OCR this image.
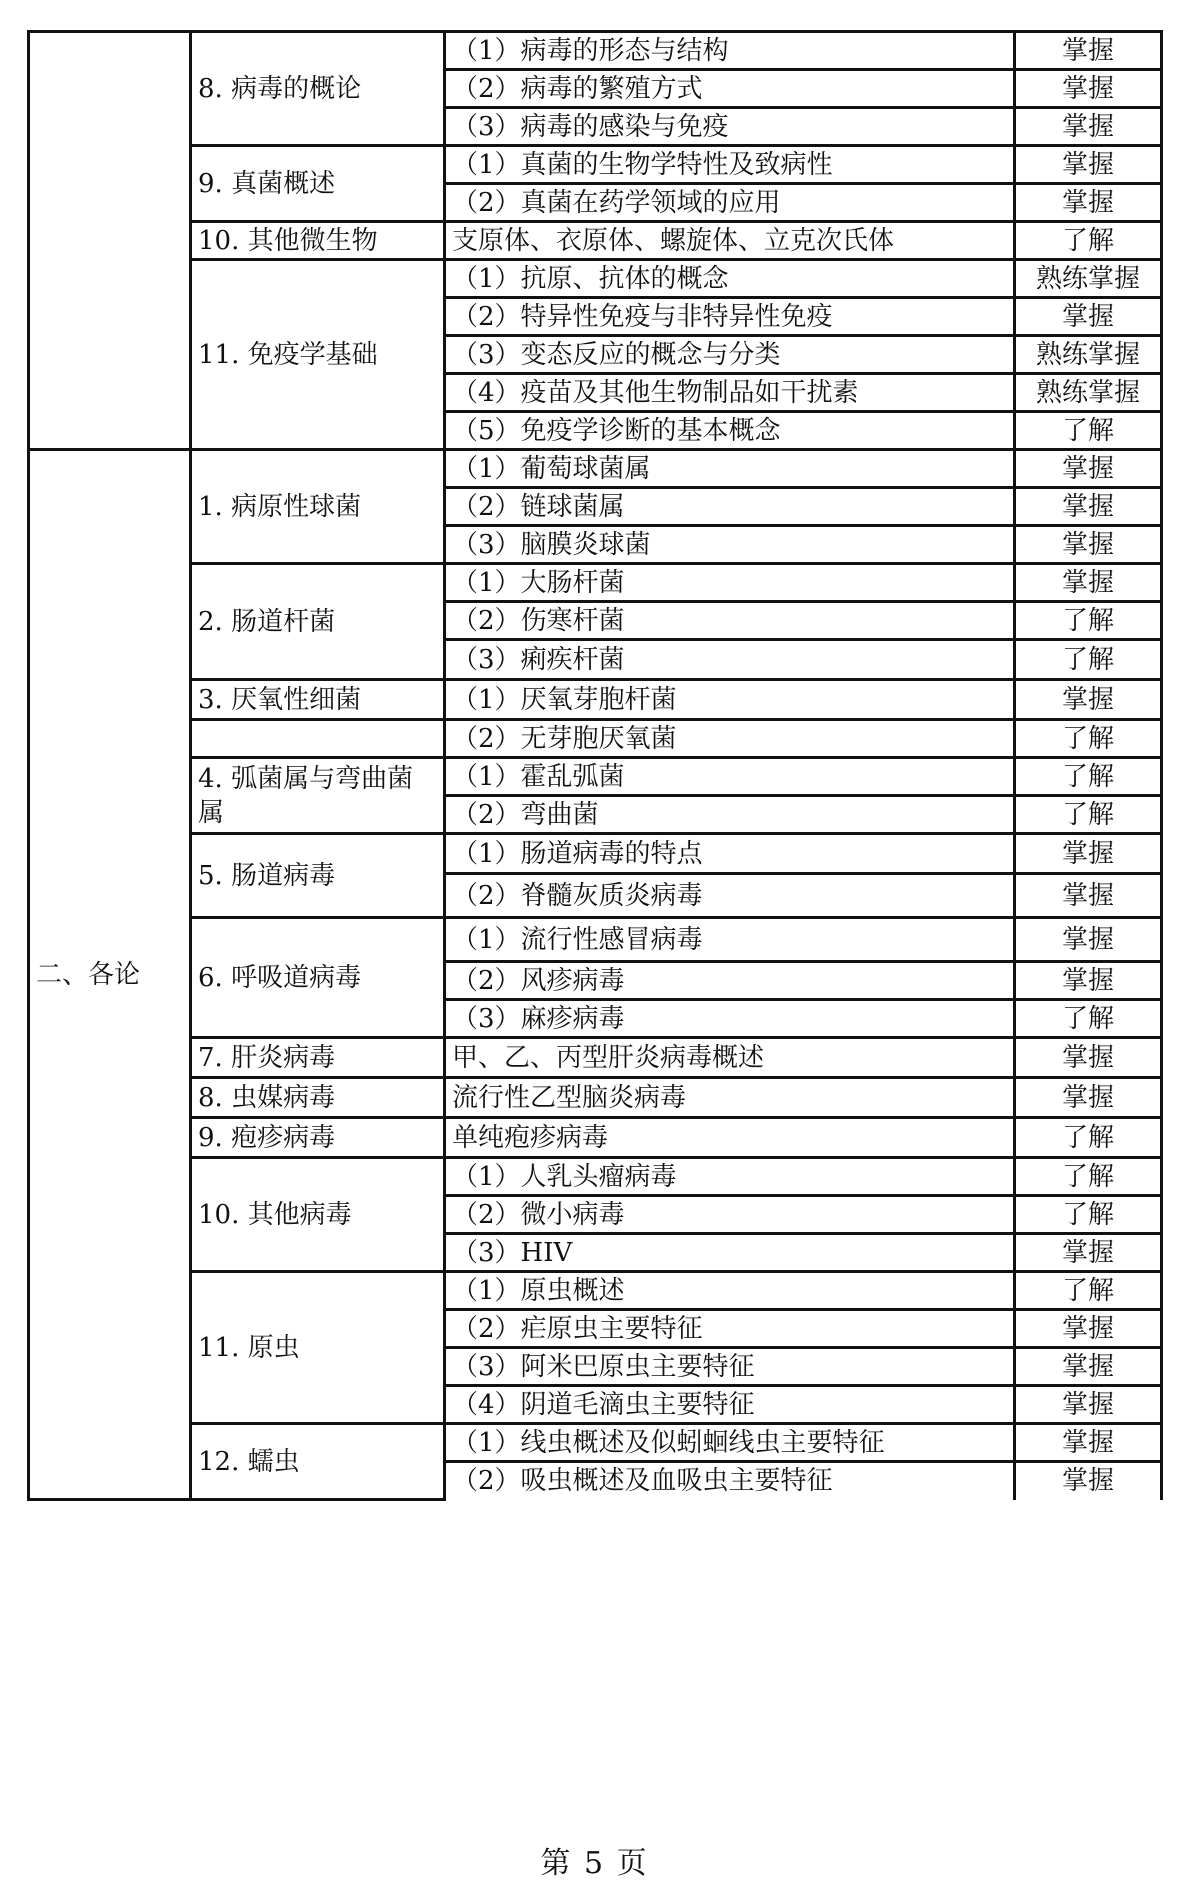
	8. 病毒的概论	（1）病毒的形态与结构	掌握
		（2）病毒的繁殖方式	掌握
		（3）病毒的感染与免疫	掌握
	9. 真菌概述	（1）真菌的生物学特性及致病性	掌握
		（2）真菌在药学领域的应用	掌握
	10. 其他微生物	支原体、衣原体、螺旋体、立克次氏体	了解
	11. 免疫学基础	（1）抗原、抗体的概念	熟练掌握
		（2）特异性免疫与非特异性免疫	掌握
		（3）变态反应的概念与分类	熟练掌握
		（4）疫苗及其他生物制品如干扰素	熟练掌握
		（5）免疫学诊断的基本概念	了解
二、各论	1. 病原性球菌	（1）葡萄球菌属	掌握
		（2）链球菌属	掌握
		（3）脑膜炎球菌	掌握
	2. 肠道杆菌	（1）大肠杆菌	掌握
		（2）伤寒杆菌	了解
		（3）痢疾杆菌	了解
	3. 厌氧性细菌	（1）厌氧芽胞杆菌	掌握
		（2）无芽胞厌氧菌	了解
	4. 弧菌属与弯曲菌属	（1）霍乱弧菌	了解
		（2）弯曲菌	了解
	5. 肠道病毒	（1）肠道病毒的特点	掌握
		（2）脊髓灰质炎病毒	掌握
	6. 呼吸道病毒	（1）流行性感冒病毒	掌握
		（2）风疹病毒	掌握
		（3）麻疹病毒	了解
	7. 肝炎病毒	甲、乙、丙型肝炎病毒概述	掌握
	8. 虫媒病毒	流行性乙型脑炎病毒	掌握
	9. 疱疹病毒	单纯疱疹病毒	了解
	10. 其他病毒	（1）人乳头瘤病毒	了解
		（2）微小病毒	了解
		（3）HIV	掌握
	11. 原虫	（1）原虫概述	了解
		（2）疟原虫主要特征	掌握
		（3）阿米巴原虫主要特征	掌握
		（4）阴道毛滴虫主要特征	掌握
	12. 蠕虫	（1）线虫概述及似蚓蛔线虫主要特征	掌握
		（2）吸虫概述及血吸虫主要特征	掌握
第 5 页
